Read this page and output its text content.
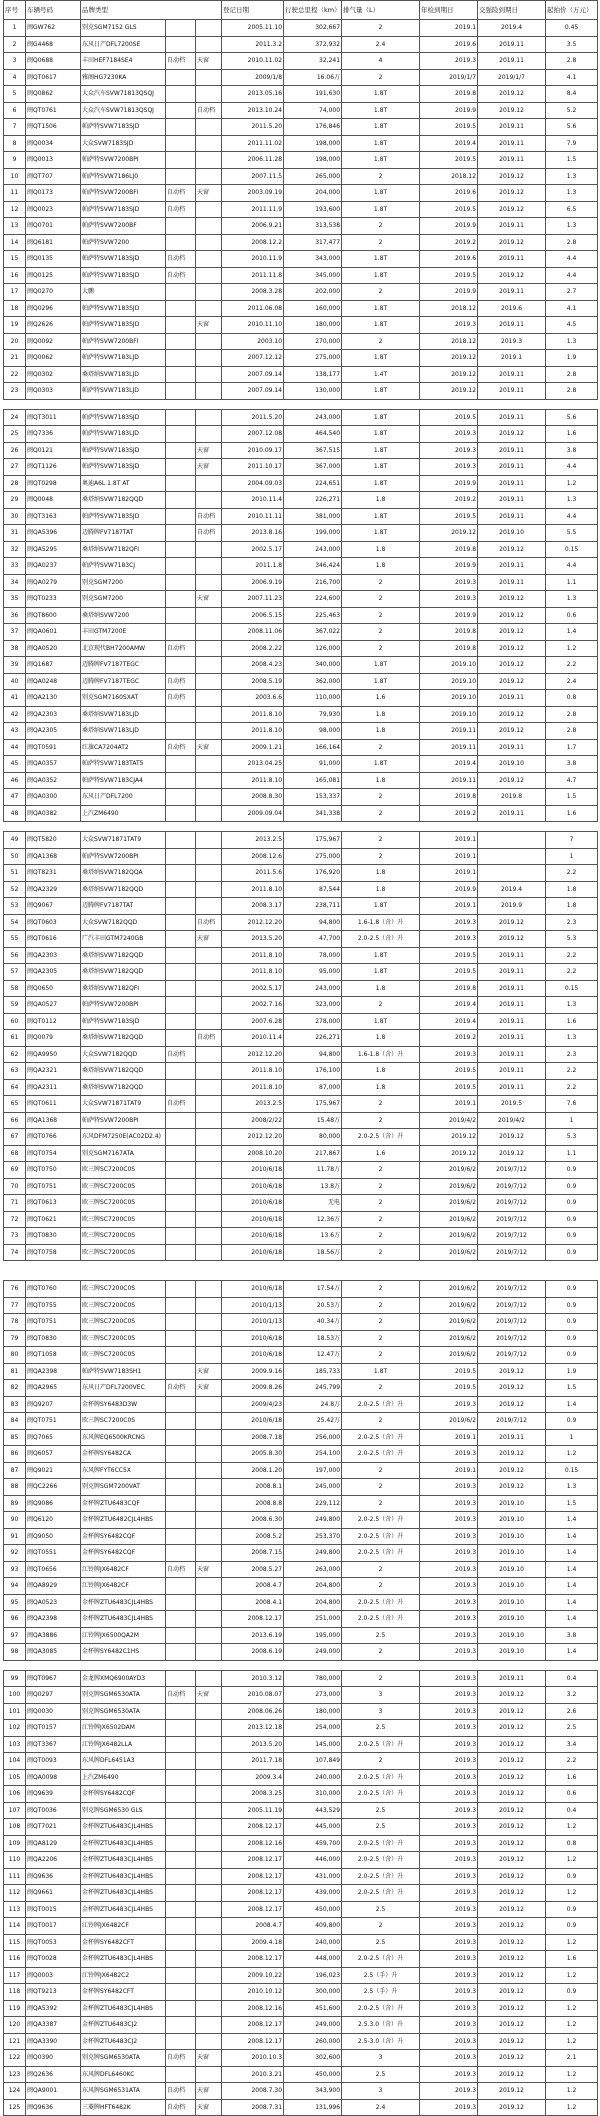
序号	车辆号码	品牌类型			登记日期	行驶总里程（km）	排气量（L）	年检到期日	交强险到期日	起拍价（万元）
1	闽GW762	别克SGM7152 GLS			2005.11.10	302,667	2	2019.1	2019.4	0.45
2	闽G4468	东风日产DFL7200SE			2011.3.2	372,932	2.4	2019.6	2019.11	3.5
3	闽Q0688	丰田HEF7184SE4	自动档	天窗	2010.11.02	32,241	4	2019.3	2019.11	2.8
4	闽QT0617	雅阁HG7230KA			2009/1/8	16.06万	2	2019/1/7	2019/1/7	4.1
5	闽Q0862	大众汽车SVW71813QSQJ			2013.05.16	191,630	1.8T	2019.8	2019.12	8.4
6	闽QT0761	大众汽车SVW71813QSQJ		自动档	2013.10.24	74,000	1.8T	2019.9	2019.12	5.2
7	闽QT1506	帕萨特SVW7183SJD			2011.5.20	176,846	1.8T	2019.5	2019.11	5.6
8	闽Q0034	大众SVW7183SJD			2011.11.02	198,000	1.8T	2019.4	2019.11	7.9
9	闽Q0013	帕萨特SVW7200BPI			2006.11.28	198,000	1.8T	2019.5	2019.11	1.5
10	闽QT707	帕萨特SVW7186LJ0			2007.11.5	265,000	2	2018.12	2019.12	1.3
11	闽Q0173	帕萨特SVW7200BFI	自动档	天窗	2003.09.19	204,000	1.8T	2019.6	2019.12	1.3
12	闽Q0023	帕萨特SVW7183SJD	自动档		2011.11.9	193,600	1.8T	2019.5	2019.12	6.5
13	闽Q0701	帕萨特SVW7200BF			2006.9.21	313,538	2	2019.9	2019.11	1.3
14	闽Q6181	帕萨特SVW7200			2008.12.2	317,477	2	2019.2	2019.12	2.8
15	闽Q0135	帕萨特SVW7183SJD	自动档		2010.11.9	343,000	1.8T	2019.6	2019.11	4.4
16	闽Q0125	帕萨特SVW7183SJD	自动档		2011.11.8	345,000	1.8T	2019.5	2019.12	4.4
17	闽Q0270	大鹏			2008.3.28	202,000	2	2019.9	2019.11	2.7
18	闽Q0296	帕萨特SVW7183SJD			2011.06.08	160,000	1.8T	2018.12	2019.6	4.1
19	闽Q2626	帕萨特SVW7183SJD		天窗	2010.11.10	180,000	1.8T	2019.3	2019.11	4.5
20	闽Q0092	帕萨特SVW7200BFI			2003.10	270,000	2	2018.12	2019.3	1.3
21	闽Q0062	帕萨特SVW7183LJD			2007.12.12	275,000	1.8T	2019.12	2019.1	1.9
22	闽Q0302	桑塔纳SVW7183LJD			2007.09.14	138,177	1.4T	2019.12	2019.11	2.8
23	闽Q0303	帕萨特SVW7183LJD			2007.09.14	130,000	1.8T	2019.12	2019.11	2.8

24	闽QT3011	帕萨特SVW7183SJD			2011.5.20	243,000	1.8T	2019.5	2019.11	5.6
25	闽Q7336	帕萨特SVW7183LJD			2007.12.08	464,540	1.8T	2019.3	2019.12	1.6
26	闽Q0121	帕萨特SVW7183SJD		天窗	2010.09.17	367,515	1.8T	2019.3	2019.11	3.8
27	闽QT1126	帕萨特SVW7183SJD		天窗	2011.10.17	367,000	1.8T	2019.3	2019.11	4.4
28	闽QT0298	奥迪A6L 1.8T AT			2004.09.03	224,651	1.8T	2019.9	2019.11	1.2
29	闽Q0048	桑塔纳SVW7182QQD			2010.11.4	226,271	1.8	2019.2	2019.11	1.3
30	闽QT3163	帕萨特SVW7183SJD		自动档	2010.11.11	381,000	1.8T	2019.5	2019.11	4.4
31	闽QA5396	迈腾牌FV7187TAT		自动档	2013.8.16	199,000	1.8T	2019.12	2019.10	5.5
32	闽QA5295	桑塔纳SVW7182QFI			2002.5.17	243,000	1.8	2019.8	2019.12	0.15
33	闽QA0237	帕萨特SVW7183CJ			2011.1.8	346,424	1.8	2019.9	2019.11	4.4
34	闽QA0279	别克SGM7200			2006.9.19	216,700	2	2019.3	2019.11	1.1
35	闽QT0233	别克SGM7200		天窗	2007.11.23	224,600	2	2019.3	2019.12	1.3
36	闽QT8600	桑塔纳SVW7200			2006.5.15	225,463	2	2019.9	2019.12	0.6
37	闽QA0601	丰田GTM7200E			2008.11.06	367,022	2	2019.8	2019.12	1.4
38	闽QA0520	北京现代BH7200AMW	自动档		2008.2.22	126,000	2	2019.8	2019.12	1.2
39	闽Q1687	迈腾牌FV7187TEGC			2008.4.23	340,000	1.8T	2019.10	2019.12	2.2
40	闽QA0248	迈腾牌FV7187TEGC	自动档		2008.5.19	362,000	1.8T	2019.10	2019.12	2.4
41	闽QA2130	别克SGM7160SXAT	自动档		2003.6.6	110,000	1.6	2019.10	2019.11	0.8
42	闽QA2303	桑塔纳SVW7183LJD			2011.8.10	79,930	1.8	2019.10	2019.12	2.8
43	闽QA2305	桑塔纳SVW7183LJD			2011.8.10	98,000	1.8	2019.11	2019.12	2.8
44	闽QT0591	红旗CA7204AT2	自动档	天窗	2009.1.21	166,164	2	2019.11	2019.11	1.7
45	闽QA0357	帕萨特SVW7183TAT5			2013.04.25	91,000	1.8T	2019.4	2019.10	3.8
46	闽QA0352	帕萨特SVW7183CJA4			2011.8.10	165,081	1.8	2019.11	2019.12	4.7
47	闽QA0300	东风日产DFL7200			2008.8.30	153,337	2	2019.8	2019.8	1.5
48	闽QA0382	上汽ZM6490			2009.09.04	341,338	2	2019.2	2019.11	1.6

49	闽QT5820	大众SVW71871TAT9			2013.2.5	175,967	2	2019.1		7
50	闽QA1368	帕萨特SVW7200BPI			2008.12.6	275,000	2	2019.1		1
51	闽QT8231	桑塔纳SVW7182QQA			2011.5.6	176,920	1.8	2019.1		2.2
52	闽QA2329	桑塔纳SVW7182QQD			2011.8.10	87,544	1.8	2019.9	2019.4	1.8
53	闽Q9067	迈腾牌FV7187TAT			2008.3.17	238,711	1.8T	2019.1	2019.9	1.8
54	闽QT0603	大众SVW7182QQD		自动档	2012.12.20	94,800	1.6-1.8（含）升	2019.3	2019.12	2.3
55	闽QT0616	广汽丰田GTM7240GB		天窗	2013.5.20	47,700	2.0-2.5（含）升	2019.3	2019.12	5.3
56	闽QA2303	桑塔纳SVW7182QQD			2011.8.10	78,000	1.8T	2019.5	2019.11	2.2
57	闽QA2305	桑塔纳SVW7182QQD			2011.8.10	95,000	1.8T	2019.5	2019.11	2.2
58	闽Q0650	桑塔纳SVW7182QFI			2002.5.17	243,000	1.8	2019.8	2019.11	0.15
59	闽QA0527	帕萨特SVW7200BPI			2002.7.16	323,000	2	2019.4	2019.11	1.3
60	闽QT0112	帕萨特SVW7183SJD			2007.6.28	278,000	1.8T	2019.4	2019.11	1.6
61	闽Q0079	桑塔纳SVW7182QQD		自动档	2010.11.4	226,271	1.8	2019.2	2019.11	1.3
62	闽QA9950	大众SVW7182QQD	自动档		2012.12.20	94,800	1.6-1.8（含）升	2019.3	2019.11	2.3
63	闽QA2321	桑塔纳SVW7182QQD			2011.8.10	176,100	1.8	2019.5	2019.11	2.2
64	闽QA2311	桑塔纳SVW7182QQD			2011.8.10	87,000	1.8	2019.5	2019.11	2.2
65	闽QT0611	大众SVW71871TAT9	自动档		2013.2.5	175,967	2	2019.1	2019.5	7.6
66	闽QA1368	帕萨特SVW7200BPI			2008/2/22	15.48万	2	2019/4/2	2019/4/2	1
67	闽QT0766	东风DFM7250E(AC02D2.4)			2012.12.20	80,000	2.0-2.5（含）升	2019.12	2019.12	5.3
68	闽QT0754	别克SGM7167ATA			2008.10.20	217,867	1.6	2019.12	2019.12	1.1
69	闽QT0750	欧三牌SC7200C0S			2010/6/18	11.78万	2	2019/6/2	2019/7/12	0.9
70	闽QT0751	欧三牌SC7200C0S			2010/6/18	13.8万	2	2019/6/2	2019/7/12	0.9
71	闽QT0613	欧三牌SC7200C0S			2010/6/18	无电	2	2019/6/2	2019/7/12	0.9
72	闽QT0621	欧三牌SC7200C0S			2010/6/18	12.36万	2	2019/6/2	2019/7/12	0.9
73	闽QT0830	欧三牌SC7200C0S			2010/6/18	13.6万	2	2019/6/2	2019/7/12	0.9
74	闽QT0758	欧三牌SC7200C0S			2010/6/18	18.56万	2	2019/6/2	2019/7/12	0.9

76	闽QT0760	欧三牌SC7200C0S			2010/6/18	17.54万	2	2019/6/2	2019/7/12	0.9
77	闽QT0755	欧三牌SC7200C0S			2010/1/13	20.53万	2	2019/6/2	2019/7/12	0.9
78	闽QT0751	欧三牌SC7200C0S			2010/1/13	40.34万	2	2019/6/2	2019/7/12	0.9
79	闽QT0830	欧三牌SC7200C0S			2010/6/18	18.53万	2	2019/6/2	2019/7/12	0.9
80	闽QT1058	欧三牌SC7200C0S			2010/6/18	12.47万	2	2019/6/2	2019/7/12	0.9
81	闽QA2398	帕萨特SVW7183SH1		天窗	2009.9.16	185,733	1.8T	2019.5	2019.12	1.9
82	闽QA2965	东风日产DFL7200VEC	自动档	天窗	2009.8.26	245,799	2	2019.5	2019.12	1.5
83	闽Q9207	金杯牌SY6483D3W			2009/4/23	24.8万	2.0-2.5（含）升	2019.3	2019.12	1.4
84	闽QT0751	欧三牌SC7200C0S			2010/6/18	25.42万	2	2019/6/2	2019/7/12	0.9
85	闽Q7065	东风牌EQ6500KRCNG			2008.7.18	256,000	2.0-2.5（含）升	2019.1	2019.11	1
86	闽Q6057	金杯牌SY6482CA			2005.8.30	254,100	2.0-2.5（含）升	2019.3	2019.12	1.2
87	闽Q9021	东风牌FYT6CC5X			2008.1.20	197,000	2	2019.1	2019.12	0.15
88	闽QC2266	别克牌SGM7200VAT			2008.8.1	245,000	2	2019.3	2019.12	1.3
89	闽Q9086	金杯牌ZTU6483CQF			2008.8.8	229,112	2	2019.3	2019.10	1.5
90	闽Q6120	金杯牌ZTU6482CJL4HBS			2008.6.30	249,800	2.0-2.5（含）升	2019.3	2019.10	1.4
91	闽Q9050	金杯牌SY6482CQF			2008.5.2	253,370	2.0-2.5（含）升	2019.3	2019.10	1.4
92	闽QT0551	金杯牌SY6482CQF			2008.7.15	249,800	2.0-2.5（含）升	2019.3	2019.10	1.4
93	闽QT0656	江铃牌JX6482CF	自动档	天窗	2008.5.27	263,000	2	2019.3	2019.10	1.4
94	闽QA8929	江铃牌JX6482CF			2008.4.7	204,800	2	2019.3	2019.10	1.4
95	闽QA0523	金杯牌ZTU6483CJL4HBS			2008.4.1	204,800	2.0-2.5（含）升	2019.3	2019.10	1.4
96	闽QA2398	金杯牌ZTU6483CJL4HBS			2008.12.17	251,000	2.0-2.5（含）升	2019.3	2019.10	1.4
97	闽QA3886	江铃牌JX6500QA2M			2013.6.19	195,000	2.5	2019.3	2019.10	3.8
98	闽QA3085	金杯牌SY6482C1HS			2008.6.19	249,000	2	2019.3	2019.10	1.4

99	闽QT0967	金龙牌XMQ6900AYD3			2010.3.12	780,000	2	2019.3	2019.11	0.4
100	闽Q0297	别克牌SGM6530ATA	自动档	天窗	2010.08.07	273,000	3	2019.3	2019.12	3.2
101	闽Q0030	别克牌SGM6530ATA			2008.06.26	180,000	3	2019.3	2019.12	2.6
102	闽QT0157	江铃牌JX6502DAM			2013.12.18	254,000	2.5	2019.3	2019.12	2.5
103	闽QT3367	江铃牌JX6482LLA			2013.5.20	145,000	2.0-2.5（含）升	2019.3	2019.12	3.4
104	闽QT0093	东风牌DFL6451A3			2011.7.18	107,849	2	2019.3	2019.12	2.2
105	闽QA0098	上汽ZM6490			2009.3.4	240,000	2.0-2.5（含）升	2019.3	2019.12	1.6
106	闽Q9639	金杯牌SY6482CQF			2008.3.25	310,000	2.0-2.5（含）升	2019.3	2019.12	0.6
107	闽QT0036	别克牌SGM6530 GLS			2005.11.19	443,529	2.5	2019.3	2019.12	0.4
108	闽QT7021	金杯牌ZTU6483CJL4HBS			2008.12.17	445,000	2.5	2019.3	2019.12	1.2
109	闽QA8129	金杯牌ZTU6483CJL4HBS			2008.12.16	459,700	2.0-2.5（含）升	2019.3	2019.12	0.8
110	闽QA2206	金杯牌ZTU6483CJL4HBS			2008.12.17	446,000	2.0-2.5（含）升	2019.3	2019.12	1.2
111	闽Q9636	金杯牌ZTU6483CJL4HBS			2008.12.17	431,000	2.0-2.5（含）升	2019.3	2019.12	0.9
112	闽Q9661	金杯牌ZTU6483CJL4HBS			2008.12.17	439,000	2.0-2.5（含）升	2019.3	2019.12	1.2
113	闽QT0015	金杯牌ZTU6483CJL4HBS			2008.12.17	450,000	2.5	2019.3	2019.12	0.9
114	闽QT0017	江铃牌JX6482CF			2008.4.7	409,800	2	2019.3	2019.12	0.9
115	闽QT0053	金杯牌SY6482CFT			2009.4.18	240,000	2.5	2019.3	2019.12	1.2
116	闽QT0028	金杯牌ZTU6483CJL4HBS			2008.12.17	448,000	2.0-2.5（含）升	2019.3	2019.12	1.6
117	闽Q0003	江铃牌JX6482C2			2009.10.22	196,023	2.5（手）升	2019.3	2019.12	1.2
118	闽QT9213	金杯牌SY6482CFT			2010.10.12	300,000	2.5（手）升	2019.3	2019.12	0.9
119	闽QA5392	金杯牌ZTU6483CJL4HBS			2008.12.16	451,600	2.0-2.5（含）升	2019.3	2019.12	1.2
120	闽QA3387	金杯牌ZTU6483CJ2			2008.12.17	249,000	2.5.3.0（含）升	2019.3	2019.12	1.2
121	闽QA3390	金杯牌ZTU6483CJ2			2008.12.17	260,000	2.5-3.0（含）升	2019.3	2019.12	1.2
122	闽Q0390	别克牌SGM6530ATA	自动档	天窗	2010.10.3	302,600	3	2019.3	2019.12	2.1
123	闽Q2636	东风牌DFL6460KC			2010.3.21	450,000	2.5	2019.3	2019.12	1.2
124	闽QA9001	东风牌SGM6531ATA	自动档	天窗	2008.7.30	343,900	3	2019.3	2019.12	1.2
125	闽Q9636	三菱牌HFT6482K	自动档	天窗	2008.7.31	131,996	2.4	2019.3	2019.12	1.2
